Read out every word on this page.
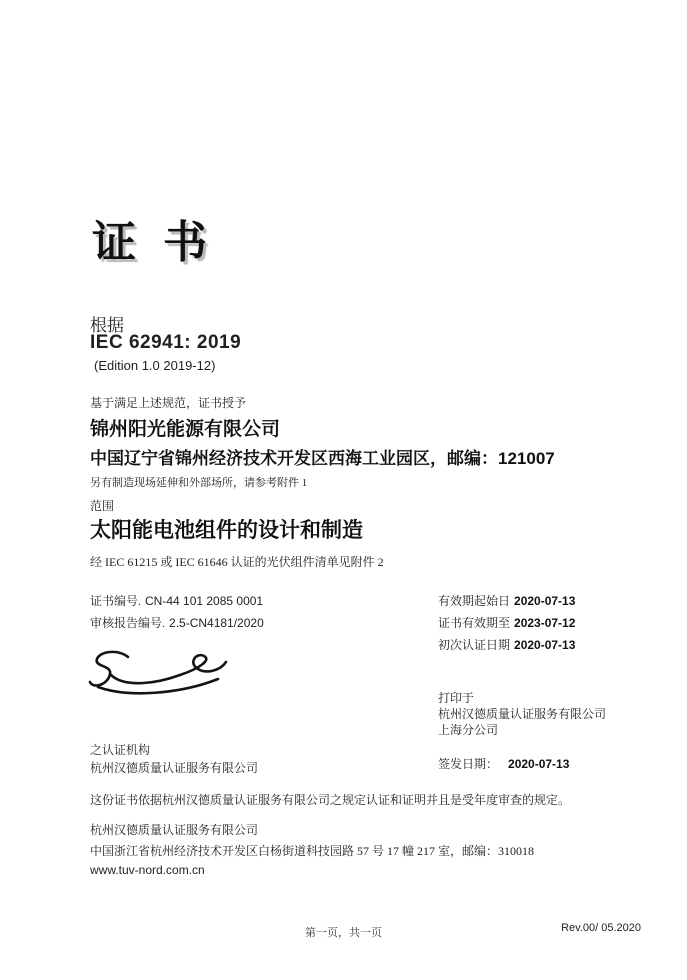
证 书
根据
IEC 62941: 2019
(Edition 1.0 2019-12)
基于满足上述规范，证书授予
锦州阳光能源有限公司
中国辽宁省锦州经济技术开发区西海工业园区，邮编：121007
另有制造现场延伸和外部场所，请参考附件 1
范围
太阳能电池组件的设计和制造
经 IEC 61215 或 IEC 61646 认证的光伏组件清单见附件 2
证书编号. CN-44 101 2085 0001
审核报告编号. 2.5-CN4181/2020
有效期起始日 2020-07-13
证书有效期至 2023-07-12
初次认证日期 2020-07-13
打印于
杭州汉德质量认证服务有限公司
上海分公司
之认证机构
杭州汉德质量认证服务有限公司	签发日期： 2020-07-13
这份证书依据杭州汉德质量认证服务有限公司之规定认证和证明并且是受年度审查的规定。
杭州汉德质量认证服务有限公司
中国浙江省杭州经济技术开发区白杨街道科技园路 57 号 17 幢 217 室，邮编：310018
www.tuv-nord.com.cn
第一页，共一页	Rev.00/ 05.2020
